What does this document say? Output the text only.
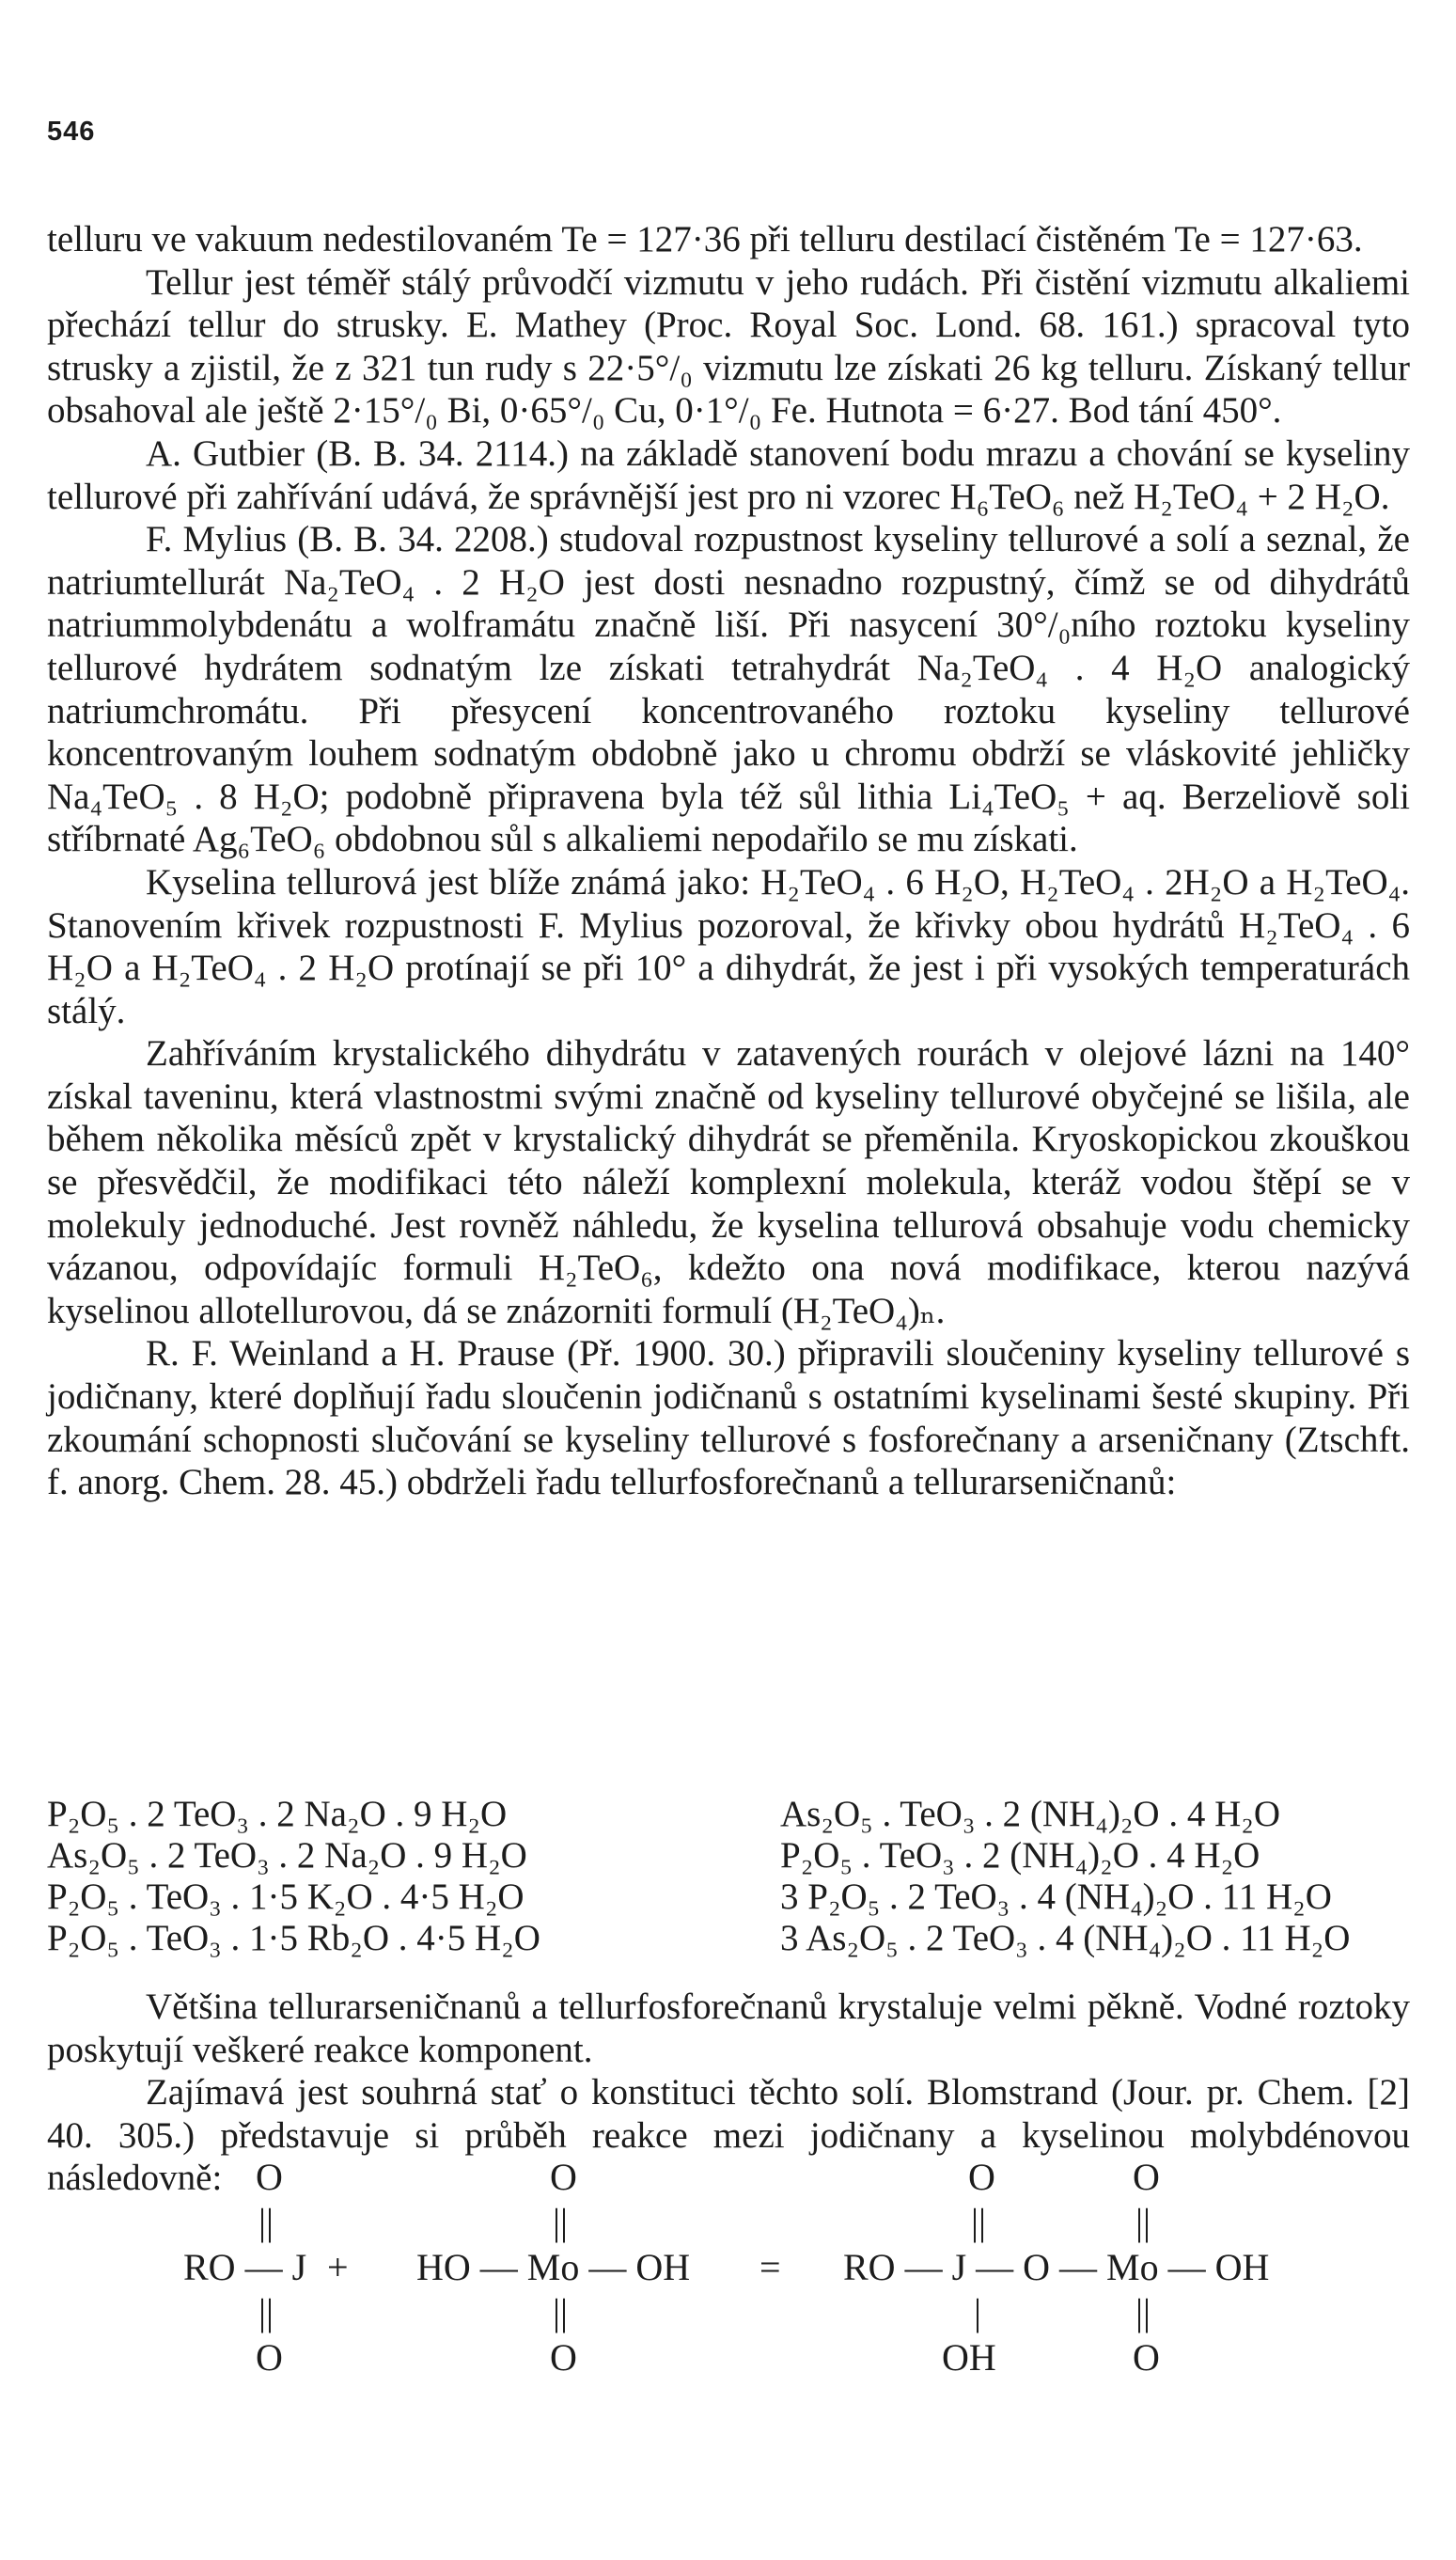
546

telluru ve vakuum nedestilovaném Te = 127·36 při telluru destilací čistěném Te = 127·63.

Tellur jest téměř stálý průvodčí vizmutu v jeho rudách. Při čistění vizmutu alkaliemi přechází tellur do strusky. E. Mathey (Proc. Royal Soc. Lond. 68. 161.) spracoval tyto strusky a zjistil, že z 321 tun rudy s 22·5°/₀ vizmutu lze získati 26 kg telluru. Získaný tellur obsahoval ale ještě 2·15°/₀ Bi, 0·65°/₀ Cu, 0·1°/₀ Fe. Hutnota = 6·27. Bod tání 450°.

A. Gutbier (B. B. 34. 2114.) na základě stanovení bodu mrazu a chování se kyseliny tellurové při zahřívání udává, že správnější jest pro ni vzorec H₆TeO₆ než H₂TeO₄ + 2 H₂O.

F. Mylius (B. B. 34. 2208.) studoval rozpustnost kyseliny tellurové a solí a seznal, že natriumtellurát Na₂TeO₄ . 2 H₂O jest dosti nesnadno rozpustný, čímž se od dihydrátů natriummolybdenátu a wolframátu značně liší. Při nasycení 30°/₀ního roztoku kyseliny tellurové hydrátem sodnatým lze získati tetrahydrát Na₂TeO₄ . 4 H₂O analogický natriumchromátu. Při přesycení koncentrovaného roztoku kyseliny tellurové koncentrovaným louhem sodnatým obdobně jako u chromu obdrží se vláskovité jehličky Na₄TeO₅ . 8 H₂O; podobně připravena byla též sůl lithia Li₄TeO₅ + aq. Berzeliově soli stříbrnaté Ag₆TeO₆ obdobnou sůl s alkaliemi nepodařilo se mu získati.

Kyselina tellurová jest blíže známá jako: H₂TeO₄ . 6 H₂O, H₂TeO₄ . 2H₂O a H₂TeO₄. Stanovením křivek rozpustnosti F. Mylius pozoroval, že křivky obou hydrátů H₂TeO₄ . 6 H₂O a H₂TeO₄ . 2 H₂O protínají se při 10° a dihydrát, že jest i při vysokých temperaturách stálý.

Zahříváním krystalického dihydrátu v zatavených rourách v olejové lázni na 140° získal taveninu, která vlastnostmi svými značně od kyseliny tellurové obyčejné se lišila, ale během několika měsíců zpět v krystalický dihydrát se přeměnila. Kryoskopickou zkouškou se přesvědčil, že modifikaci této náleží komplexní molekula, kteráž vodou štěpí se v molekuly jednoduché. Jest rovněž náhledu, že kyselina tellurová obsahuje vodu chemicky vázanou, odpovídajíc formuli H₂TeO₆, kdežto ona nová modifikace, kterou nazývá kyselinou allotellurovou, dá se znázorniti formulí (H₂TeO₄)ₙ.

R. F. Weinland a H. Prause (Př. 1900. 30.) připravili sloučeniny kyseliny tellurové s jodičnany, které doplňují řadu sloučenin jodičnanů s ostatními kyselinami šesté skupiny. Při zkoumání schopnosti slučování se kyseliny tellurové s fosforečnany a arseničnany (Ztschft. f. anorg. Chem. 28. 45.) obdrželi řadu tellurfosforečnanů a tellurarseničnanů:

P₂O₅ . 2 TeO₃ . 2 Na₂O . 9 H₂O	As₂O₅ . TeO₃ . 2 (NH₄)₂O . 4 H₂O
As₂O₅ . 2 TeO₃ . 2 Na₂O . 9 H₂O	P₂O₅ . TeO₃ . 2 (NH₄)₂O . 4 H₂O
P₂O₅ . TeO₃ . 1·5 K₂O . 4·5 H₂O	3 P₂O₅ . 2 TeO₃ . 4 (NH₄)₂O . 11 H₂O
P₂O₅ . TeO₃ . 1·5 Rb₂O . 4·5 H₂O	3 As₂O₅ . 2 TeO₃ . 4 (NH₄)₂O . 11 H₂O

Většina tellurarseničnanů a tellurfosforečnanů krystaluje velmi pěkně. Vodné roztoky poskytují veškeré reakce komponent.

Zajímavá jest souhrná stať o konstituci těchto solí. Blomstrand (Jour. pr. Chem. [2] 40. 305.) představuje si průběh reakce mezi jodičnany a kyselinou molybdénovou následovně: O	O	O	O
||	||	||	||
RO — J + HO — Mo — OH = RO — J — O — Mo — OH
||	||	|	||
O	O	OH	O
